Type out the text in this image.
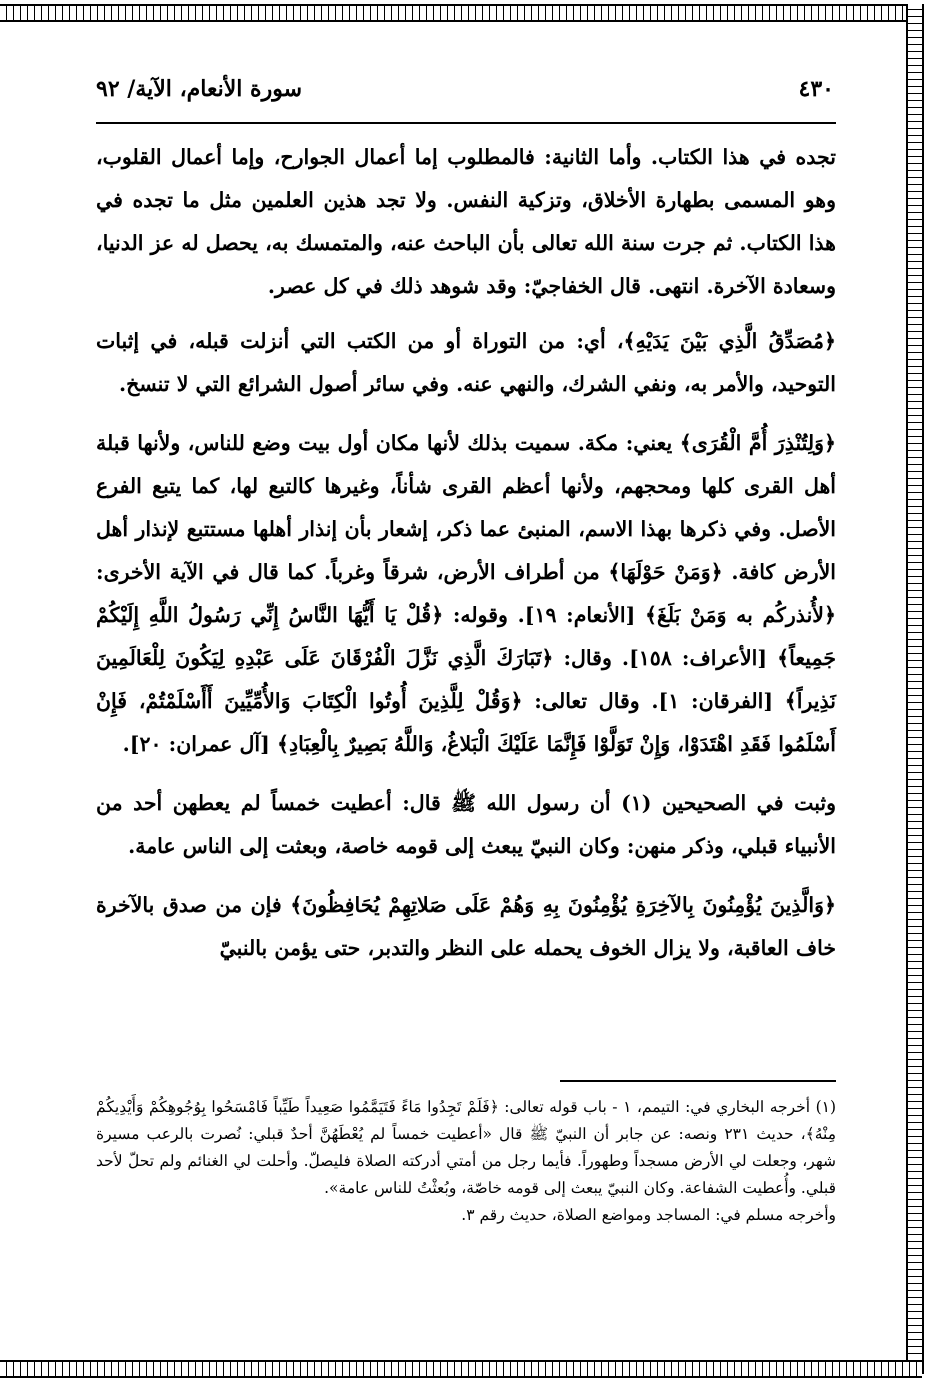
٤٣٠
سورة الأنعام، الآية/ ٩٢

تجده في هذا الكتاب. وأما الثانية: فالمطلوب إما أعمال الجوارح، وإما أعمال القلوب، وهو المسمى بطهارة الأخلاق، وتزكية النفس. ولا تجد هذين العلمين مثل ما تجده في هذا الكتاب. ثم جرت سنة الله تعالى بأن الباحث عنه، والمتمسك به، يحصل له عز الدنيا، وسعادة الآخرة. انتهى. قال الخفاجيّ: وقد شوهد ذلك في كل عصر.

﴿مُصَدِّقُ الَّذِي بَيْنَ يَدَيْهِ﴾، أي: من التوراة أو من الكتب التي أنزلت قبله، في إثبات التوحيد، والأمر به، ونفي الشرك، والنهي عنه. وفي سائر أصول الشرائع التي لا تنسخ.

﴿وَلِتُنْذِرَ أُمَّ الْقُرَى﴾ يعني: مكة. سميت بذلك لأنها مكان أول بيت وضع للناس، ولأنها قبلة أهل القرى كلها ومحجهم، ولأنها أعظم القرى شأناً، وغيرها كالتبع لها، كما يتبع الفرع الأصل. وفي ذكرها بهذا الاسم، المنبئ عما ذكر، إشعار بأن إنذار أهلها مستتبع لإنذار أهل الأرض كافة. ﴿وَمَنْ حَوْلَهَا﴾ من أطراف الأرض، شرقاً وغرباً. كما قال في الآية الأخرى: ﴿لأُنذركُم به وَمَنْ بَلَغَ﴾ [الأنعام: ١٩]. وقوله: ﴿قُلْ يَا أَيُّهَا النَّاسُ إِنِّي رَسُولُ اللَّهِ إِلَيْكُمْ جَمِيعاً﴾ [الأعراف: ١٥٨]. وقال: ﴿تَبَارَكَ الَّذِي نَزَّلَ الْفُرْقَانَ عَلَى عَبْدِهِ لِيَكُونَ لِلْعَالَمِينَ نَذِيراً﴾ [الفرقان: ١]. وقال تعالى: ﴿وَقُلْ لِلَّذِينَ أُوتُوا الْكِتَابَ وَالأُمِّيِّينَ أَأَسْلَمْتُمْ، فَإِنْ أَسْلَمُوا فَقَدِ اهْتَدَوْا، وَإِنْ تَوَلَّوْا فَإِنَّمَا عَلَيْكَ الْبَلاغُ، وَاللَّهُ بَصِيرٌ بِالْعِبَادِ﴾ [آل عمران: ٢٠].

وثبت في الصحيحين (١) أن رسول الله ﷺ قال: أعطيت خمساً لم يعطهن أحد من الأنبياء قبلي، وذكر منهن: وكان النبيّ يبعث إلى قومه خاصة، وبعثت إلى الناس عامة.

﴿وَالَّذِينَ يُؤْمِنُونَ بِالآخِرَةِ يُؤْمِنُونَ بِهِ وَهُمْ عَلَى صَلاتِهِمْ يُحَافِظُونَ﴾ فإن من صدق بالآخرة خاف العاقبة، ولا يزال الخوف يحمله على النظر والتدبر، حتى يؤمن بالنبيّ

(١) أخرجه البخاري في: التيمم، ١ - باب قوله تعالى: ﴿فَلَمْ تَجِدُوا مَاءً فَتَيَمَّمُوا صَعِيداً طَيِّباً فَامْسَحُوا بِوُجُوهِكُمْ وَأَيْدِيكُمْ مِنْهُ﴾، حديث ٢٣١ ونصه: عن جابر أن النبيّ ﷺ قال «أعطيت خمساً لم يُعْطَهُنَّ أحدٌ قبلي: نُصرت بالرعب مسيرة شهر، وجعلت لي الأرض مسجداً وطهوراً. فأيما رجل من أمتي أدركته الصلاة فليصلّ. وأحلت لي الغنائم ولم تحلّ لأحد قبلي. وأُعطيت الشفاعة. وكان النبيّ يبعث إلى قومه خاصّة، وبُعثْتُ للناس عامة».

وأخرجه مسلم في: المساجد ومواضع الصلاة، حديث رقم ٣.
